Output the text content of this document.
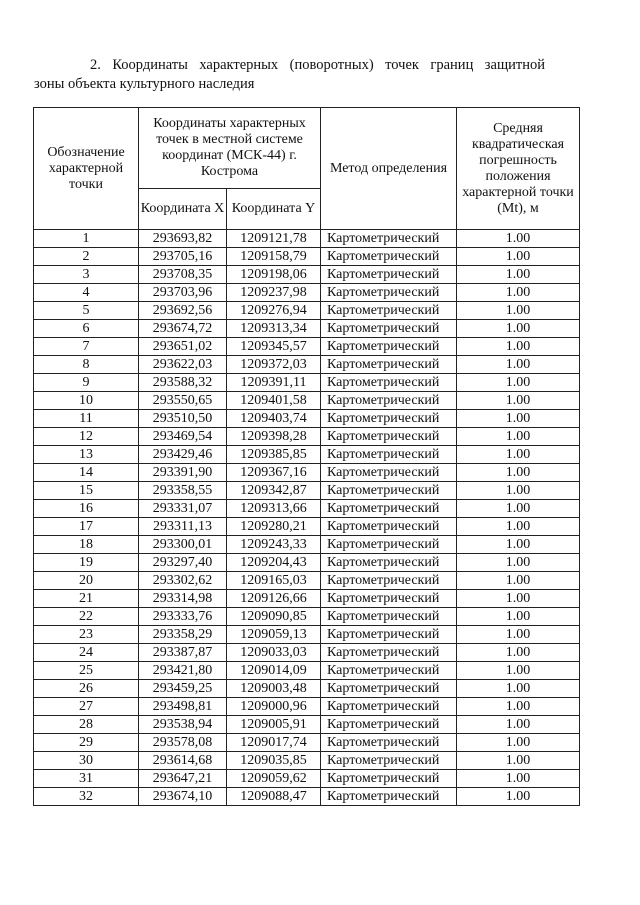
2. Координаты характерных (поворотных) точек границ защитной
зоны объекта культурного наследия
Обозначение характерной точки	Координаты характерных точек в местной системе координат (МСК-44) г. Кострома		Метод определения	Средняя квадратическая погрешность положения характерной точки (Mt), м
	Координата X	Координата Y		
1	293693,82	1209121,78	Картометрический	1.00
2	293705,16	1209158,79	Картометрический	1.00
3	293708,35	1209198,06	Картометрический	1.00
4	293703,96	1209237,98	Картометрический	1.00
5	293692,56	1209276,94	Картометрический	1.00
6	293674,72	1209313,34	Картометрический	1.00
7	293651,02	1209345,57	Картометрический	1.00
8	293622,03	1209372,03	Картометрический	1.00
9	293588,32	1209391,11	Картометрический	1.00
10	293550,65	1209401,58	Картометрический	1.00
11	293510,50	1209403,74	Картометрический	1.00
12	293469,54	1209398,28	Картометрический	1.00
13	293429,46	1209385,85	Картометрический	1.00
14	293391,90	1209367,16	Картометрический	1.00
15	293358,55	1209342,87	Картометрический	1.00
16	293331,07	1209313,66	Картометрический	1.00
17	293311,13	1209280,21	Картометрический	1.00
18	293300,01	1209243,33	Картометрический	1.00
19	293297,40	1209204,43	Картометрический	1.00
20	293302,62	1209165,03	Картометрический	1.00
21	293314,98	1209126,66	Картометрический	1.00
22	293333,76	1209090,85	Картометрический	1.00
23	293358,29	1209059,13	Картометрический	1.00
24	293387,87	1209033,03	Картометрический	1.00
25	293421,80	1209014,09	Картометрический	1.00
26	293459,25	1209003,48	Картометрический	1.00
27	293498,81	1209000,96	Картометрический	1.00
28	293538,94	1209005,91	Картометрический	1.00
29	293578,08	1209017,74	Картометрический	1.00
30	293614,68	1209035,85	Картометрический	1.00
31	293647,21	1209059,62	Картометрический	1.00
32	293674,10	1209088,47	Картометрический	1.00
